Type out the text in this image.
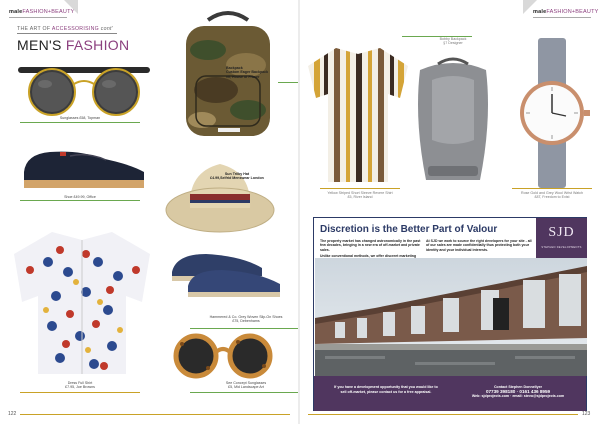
maleFASHION+BEAUTY	maleFASHION+BEAUTY
THE ART OF ACCESSORISING cont'
MEN'S FASHION
Sunglasses £58, Topman
Backpack
Custom Eager Backpack
¤0, House of Fraser
Shoe £49.99, Office
Sun Trilby Hat
£4.99,Selfrid Menswear London
Dress Full Shirt
£7.95, Joe Browns
Hammered & Co. Grey Woven Slip-On Shoes
£75, Debenhams
See Concept Sunglasses
£5, Mid Landscape Art
Yellow Striped Short Sleeve Revere Shirt
£5, River Island
Bobby Backpack
§7 Designer
Rose Gold and Grey Wool Wrist Watch
£8T, Freedom to Exist
Discretion is the Better Part of Valour	SJD
STEPHEN DEVELOPMENTS
The property market has changed astronomically in the past few decades, bringing in a new era of off-market and private sales.
Unlike conventional methods, we offer discreet marketing
At SJD we work to source the right developers for your site - all of our sales are made confidentially thus protecting both your identity and your individual interests.
If you have a development opportunity that you would like to sell off-market, please contact us for a free appraisal.
Contact Stephen Donnellyer
07739 398180 · 0161 436 8959
Web: sjdprojects.com · email: stevo@sjdprojects.com
122	123
